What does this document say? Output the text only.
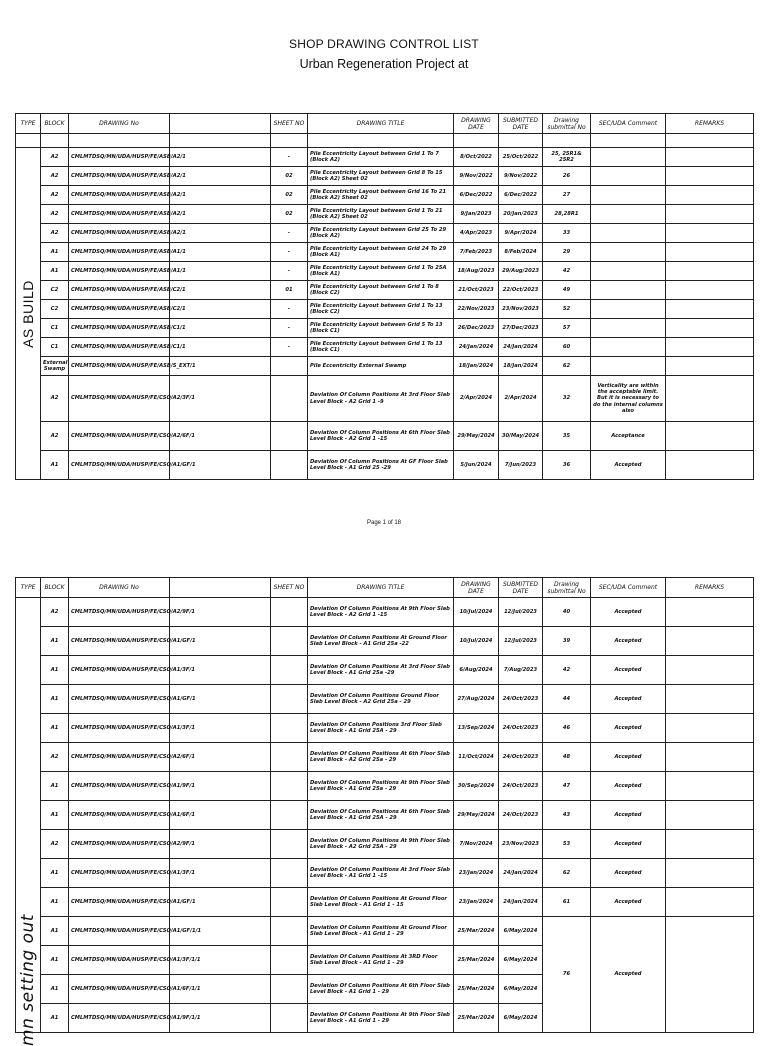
SHOP DRAWING CONTROL LIST
Urban Regeneration Project at
TYPE	BLOCK	DRAWING No		SHEET NO	DRAWING TITLE	DRAWING DATE	SUBMITTED DATE	Drawing submittal No	SEC/UDA Comment	REMARKS

AS BUILD	A2	CMLMTDSQ/MN/UDA/HUSP/FE/ASB/A2/1		-	Pile Eccentricity Layout between Grid 1 To 7 (Block A2)	8/Oct/2022	25/Oct/2022	25, 25R1& 25R2		
	A2	CMLMTDSQ/MN/UDA/HUSP/FE/ASB/A2/1		02	Pile Eccentricity Layout between Grid 8 To 15 (Block A2) Sheet 02	9/Nov/2022	9/Nov/2022	26		
	A2	CMLMTDSQ/MN/UDA/HUSP/FE/ASB/A2/1		02	Pile Eccentricity Layout between Grid 16 To 21 (Block A2) Sheet 02	6/Dec/2022	6/Dec/2022	27		
	A2	CMLMTDSQ/MN/UDA/HUSP/FE/ASB/A2/1		02	Pile Eccentricity Layout between Grid 1 To 21 (Block A2) Sheet 02	9/Jan/2023	20/Jan/2023	28,28R1		
	A2	CMLMTDSQ/MN/UDA/HUSP/FE/ASB/A2/1		-	Pile Eccentricity Layout between Grid 25 To 29 (Block A2)	4/Apr/2023	9/Apr/2024	33		
	A1	CMLMTDSQ/MN/UDA/HUSP/FE/ASB/A1/1		-	Pile Eccentricity Layout between Grid 24 To 29 (Block A1)	7/Feb/2023	8/Feb/2024	29		
	A1	CMLMTDSQ/MN/UDA/HUSP/FE/ASB/A1/1		-	Pile Eccentricity Layout between Grid 1 To 25A (Block A1)	18/Aug/2023	29/Aug/2023	42		
	C2	CMLMTDSQ/MN/UDA/HUSP/FE/ASB/C2/1		01	Pile Eccentricity Layout between Grid 1 To 8 (Block C2)	21/Oct/2023	22/Oct/2023	49		
	C2	CMLMTDSQ/MN/UDA/HUSP/FE/ASB/C2/1		-	Pile Eccentricity Layout between Grid 1 To 13 (Block C2)	22/Nov/2023	23/Nov/2023	52		
	C1	CMLMTDSQ/MN/UDA/HUSP/FE/ASB/C1/1		-	Pile Eccentricity Layout between Grid 5 To 13 (Block C1)	26/Dec/2023	27/Dec/2023	57		
	C1	CMLMTDSQ/MN/UDA/HUSP/FE/ASB/C1/1		-	Pile Eccentricity Layout between Grid 1 To 13 (Block C1)	24/Jan/2024	24/Jan/2024	60		
	External Swamp	CMLMTDSQ/MN/UDA/HUSP/FE/ASB/S_EXT/1			Pile Eccentricity External Swamp	18/Jan/2024	18/Jan/2024	62		
	A2	CMLMTDSQ/MN/UDA/HUSP/FE/CSO/A2/3F/1			Deviation Of Column Positions At 3rd Floor Slab Level Block - A2 Grid 1 -9	2/Apr/2024	2/Apr/2024	32	Verticality are within the acceptable limit. But it is necessary to do the internal columns also	
	A2	CMLMTDSQ/MN/UDA/HUSP/FE/CSO/A2/6F/1			Deviation Of Column Positions At 6th Floor Slab Level Block - A2 Grid 1 -15	29/May/2024	30/May/2024	35	Acceptance	
	A1	CMLMTDSQ/MN/UDA/HUSP/FE/CSO/A1/GF/1			Deviation Of Column Positions At GF Floor Slab Level Block - A1 Grid 25 -29	5/Jun/2024	7/Jun/2023	36	Accepted	
Page 1 of 18
TYPE	BLOCK	DRAWING No		SHEET NO	DRAWING TITLE	DRAWING DATE	SUBMITTED DATE	Drawing submittal No	SEC/UDA Comment	REMARKS

mn setting out	A2	CMLMTDSQ/MN/UDA/HUSP/FE/CSO/A2/9F/1			Deviation Of Column Positions At 9th Floor Slab Level Block - A2 Grid 1 -15	10/Jul/2024	12/Jul/2023	40	Accepted	
	A1	CMLMTDSQ/MN/UDA/HUSP/FE/CSO/A1/GF/1			Deviation Of Column Positions At Ground Floor Slab Level Block - A1 Grid 25a -22	10/Jul/2024	12/Jul/2023	39	Accepted	
	A1	CMLMTDSQ/MN/UDA/HUSP/FE/CSO/A1/3F/1			Deviation Of Column Positions At 3rd Floor Slab Level Block - A1 Grid 25a -29	6/Aug/2024	7/Aug/2023	42	Accepted	
	A1	CMLMTDSQ/MN/UDA/HUSP/FE/CSO/A1/GF/1			Deviation Of Column Positions Ground Floor Slab Level Block - A2 Grid 25a - 29	27/Aug/2024	24/Oct/2023	44	Accepted	
	A1	CMLMTDSQ/MN/UDA/HUSP/FE/CSO/A1/3F/1			Deviation Of Column Positions 3rd Floor Slab Level Block - A1 Grid 25A - 29	13/Sep/2024	24/Oct/2023	46	Accepted	
	A2	CMLMTDSQ/MN/UDA/HUSP/FE/CSO/A2/6F/1			Deviation Of Column Positions At 6th Floor Slab Level Block - A2 Grid 25a - 29	11/Oct/2024	24/Oct/2023	48	Accepted	
	A1	CMLMTDSQ/MN/UDA/HUSP/FE/CSO/A1/9F/1			Deviation Of Column Positions At 9th Floor Slab Level Block - A1 Grid 25a - 29	30/Sep/2024	24/Oct/2023	47	Accepted	
	A1	CMLMTDSQ/MN/UDA/HUSP/FE/CSO/A1/6F/1			Deviation Of Column Positions At 6th Floor Slab Level Block - A1 Grid 25A - 29	29/May/2024	24/Oct/2023	43	Accepted	
	A2	CMLMTDSQ/MN/UDA/HUSP/FE/CSO/A2/9F/1			Deviation Of Column Positions At 9th Floor Slab Level Block - A2 Grid 25A - 29	7/Nov/2024	23/Nov/2023	53	Accepted	
	A1	CMLMTDSQ/MN/UDA/HUSP/FE/CSO/A1/3F/1			Deviation Of Column Positions At 3rd Floor Slab Level Block - A1 Grid 1 -15	23/Jan/2024	24/Jan/2024	62	Accepted	
	A1	CMLMTDSQ/MN/UDA/HUSP/FE/CSO/A1/GF/1			Deviation Of Column Positions At Ground Floor Slab Level Block - A1 Grid 1 - 15	23/Jan/2024	24/Jan/2024	61	Accepted	
	A1	CMLMTDSQ/MN/UDA/HUSP/FE/CSO/A1/GF/1/1			Deviation Of Column Positions At Ground Floor Slab Level Block - A1 Grid 1 - 29	25/Mar/2024	6/May/2024	76	Accepted	
	A1	CMLMTDSQ/MN/UDA/HUSP/FE/CSO/A1/3F/1/1			Deviation Of Column Positions At 3RD Floor Slab Level Block - A1 Grid 1 - 29	25/Mar/2024	6/May/2024			
	A1	CMLMTDSQ/MN/UDA/HUSP/FE/CSO/A1/6F/1/1			Deviation Of Column Positions At 6th Floor Slab Level Block - A1 Grid 1 - 29	25/Mar/2024	6/May/2024			
	A1	CMLMTDSQ/MN/UDA/HUSP/FE/CSO/A1/9F/1/1			Deviation Of Column Positions At 9th Floor Slab Level Block - A1 Grid 1 - 29	25/Mar/2024	6/May/2024			
